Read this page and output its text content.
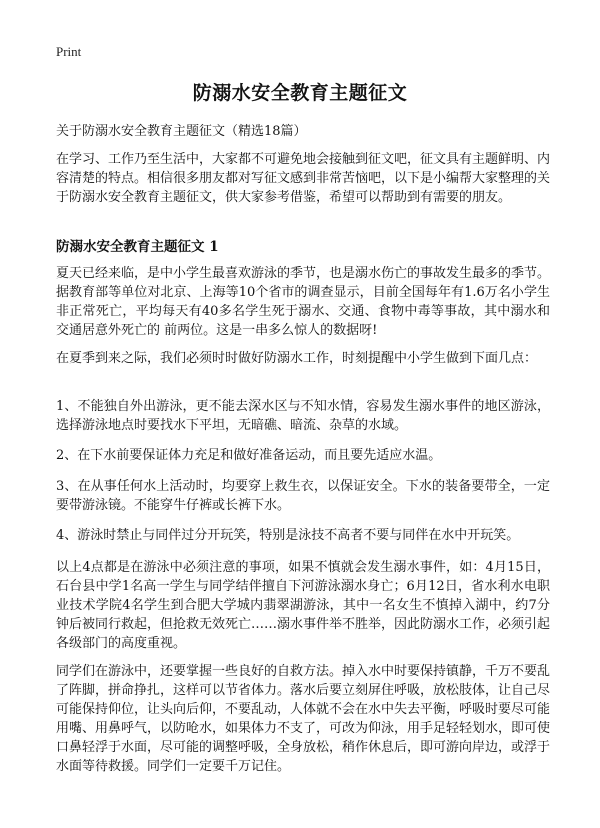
Print
防溺水安全教育主题征文

关于防溺水安全教育主题征文（精选18篇）

在学习、工作乃至生活中，大家都不可避免地会接触到征文吧，征文具有主题鲜明、内容清楚的特点。相信很多朋友都对写征文感到非常苦恼吧，以下是小编帮大家整理的关于防溺水安全教育主题征文，供大家参考借鉴，希望可以帮助到有需要的朋友。

防溺水安全教育主题征文 1

夏天已经来临，是中小学生最喜欢游泳的季节，也是溺水伤亡的事故发生最多的季节。据教育部等单位对北京、上海等10个省市的调查显示，目前全国每年有1.6万名小学生非正常死亡，平均每天有40多名学生死于溺水、交通、食物中毒等事故，其中溺水和交通居意外死亡的 前两位。这是一串多么惊人的数据呀!

在夏季到来之际，我们必须时时做好防溺水工作，时刻提醒中小学生做到下面几点：

1、不能独自外出游泳，更不能去深水区与不知水情，容易发生溺水事件的地区游泳，选择游泳地点时要找水下平坦，无暗礁、暗流、杂草的水域。

2、在下水前要保证体力充足和做好准备运动，而且要先适应水温。

3、在从事任何水上活动时，均要穿上救生衣，以保证安全。下水的装备要带全，一定要带游泳镜。不能穿牛仔裤或长裤下水。

4、游泳时禁止与同伴过分开玩笑，特别是泳技不高者不要与同伴在水中开玩笑。

以上4点都是在游泳中必须注意的事项，如果不慎就会发生溺水事件，如：4月15日，石台县中学1名高一学生与同学结伴擅自下河游泳溺水身亡；6月12日，省水利水电职业技术学院4名学生到合肥大学城内翡翠湖游泳，其中一名女生不慎掉入湖中，约7分钟后被同行救起，但抢救无效死亡……溺水事件举不胜举，因此防溺水工作，必须引起各级部门的高度重视。

同学们在游泳中，还要掌握一些良好的自救方法。掉入水中时要保持镇静，千万不要乱了阵脚，拼命挣扎，这样可以节省体力。落水后要立刻屏住呼吸，放松肢体，让自己尽可能保持仰位，让头向后仰，不要乱动，人体就不会在水中失去平衡，呼吸时要尽可能用嘴、用鼻呼气，以防呛水，如果体力不支了，可改为仰泳，用手足轻轻划水，即可使口鼻轻浮于水面，尽可能的调整呼吸，全身放松，稍作休息后，即可游向岸边，或浮于水面等待救援。同学们一定要千万记住。
